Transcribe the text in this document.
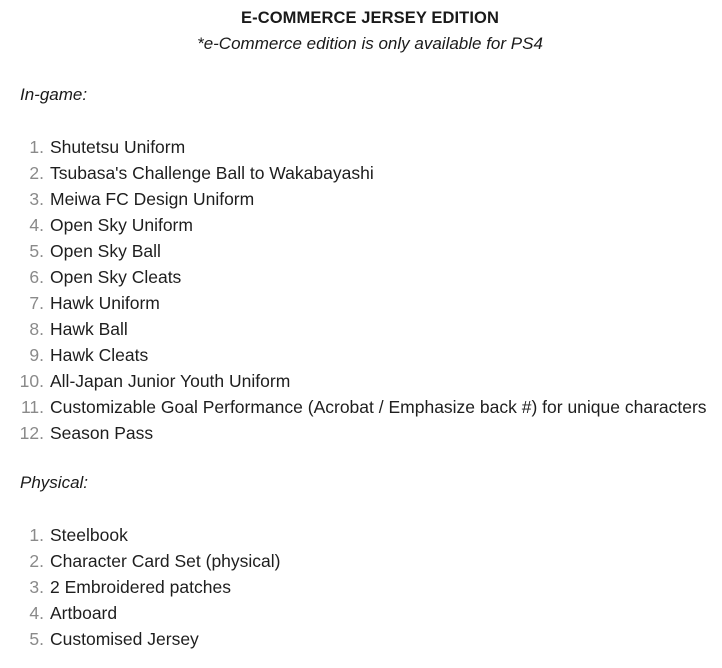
E-COMMERCE JERSEY EDITION

*e-Commerce edition is only available for PS4

In-game:

1. Shutetsu Uniform
2. Tsubasa's Challenge Ball to Wakabayashi
3. Meiwa FC Design Uniform
4. Open Sky Uniform
5. Open Sky Ball
6. Open Sky Cleats
7. Hawk Uniform
8. Hawk Ball
9. Hawk Cleats
10. All-Japan Junior Youth Uniform
11. Customizable Goal Performance (Acrobat / Emphasize back #) for unique characters
12. Season Pass

Physical:

1. Steelbook
2. Character Card Set (physical)
3. 2 Embroidered patches
4. Artboard
5. Customised Jersey
